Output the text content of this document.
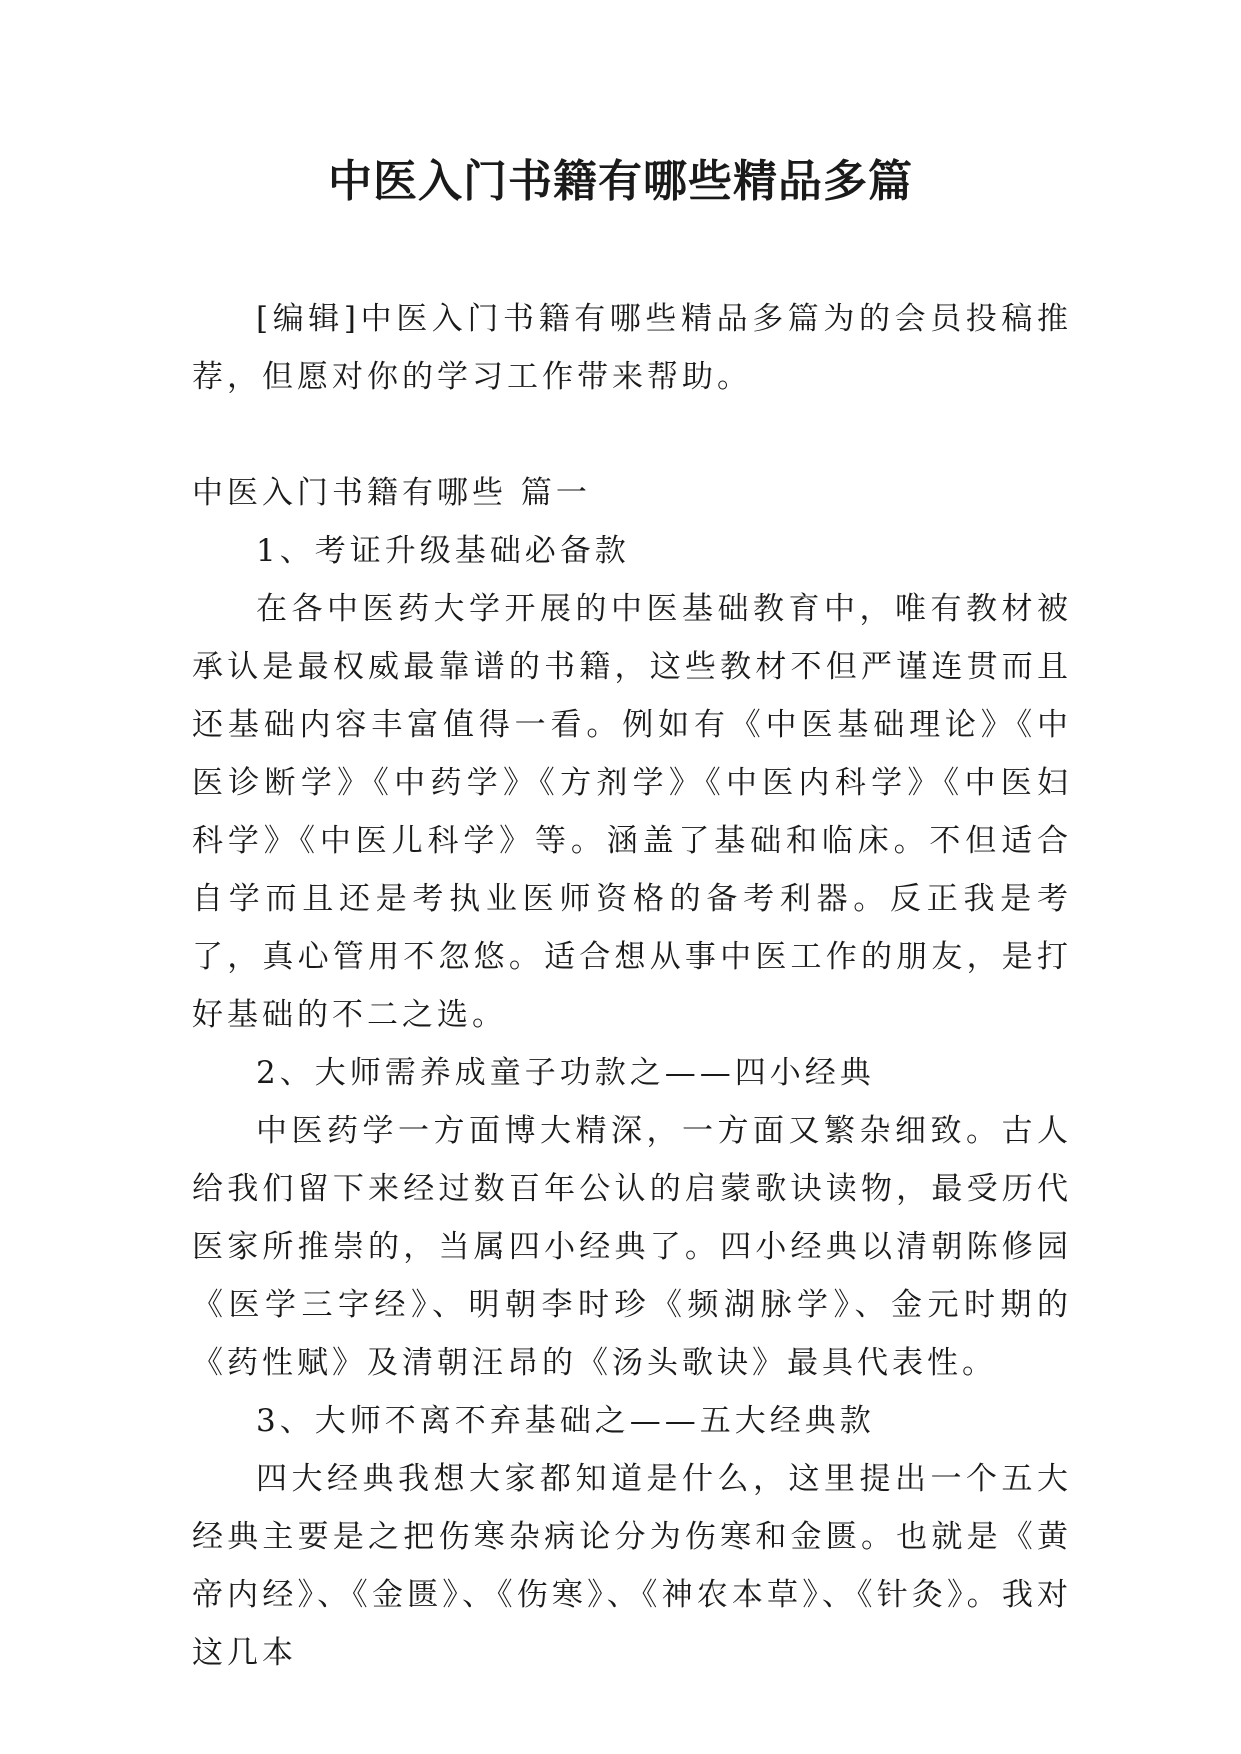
中医入门书籍有哪些精品多篇

[编辑]中医入门书籍有哪些精品多篇为的会员投稿推荐，但愿对你的学习工作带来帮助。

中医入门书籍有哪些 篇一

1、考证升级基础必备款

在各中医药大学开展的中医基础教育中，唯有教材被承认是最权威最靠谱的书籍，这些教材不但严谨连贯而且还基础内容丰富值得一看。例如有《中医基础理论》《中医诊断学》《中药学》《方剂学》《中医内科学》《中医妇科学》《中医儿科学》等。涵盖了基础和临床。不但适合自学而且还是考执业医师资格的备考利器。反正我是考了，真心管用不忽悠。适合想从事中医工作的朋友，是打好基础的不二之选。

2、大师需养成童子功款之——四小经典

中医药学一方面博大精深，一方面又繁杂细致。古人给我们留下来经过数百年公认的启蒙歌诀读物，最受历代医家所推崇的，当属四小经典了。四小经典以清朝陈修园《医学三字经》、明朝李时珍《频湖脉学》、金元时期的《药性赋》及清朝汪昂的《汤头歌诀》最具代表性。

3、大师不离不弃基础之——五大经典款

四大经典我想大家都知道是什么，这里提出一个五大经典主要是之把伤寒杂病论分为伤寒和金匮。也就是《黄帝内经》、《金匮》、《伤寒》、《神农本草》、《针灸》。我对这几本
